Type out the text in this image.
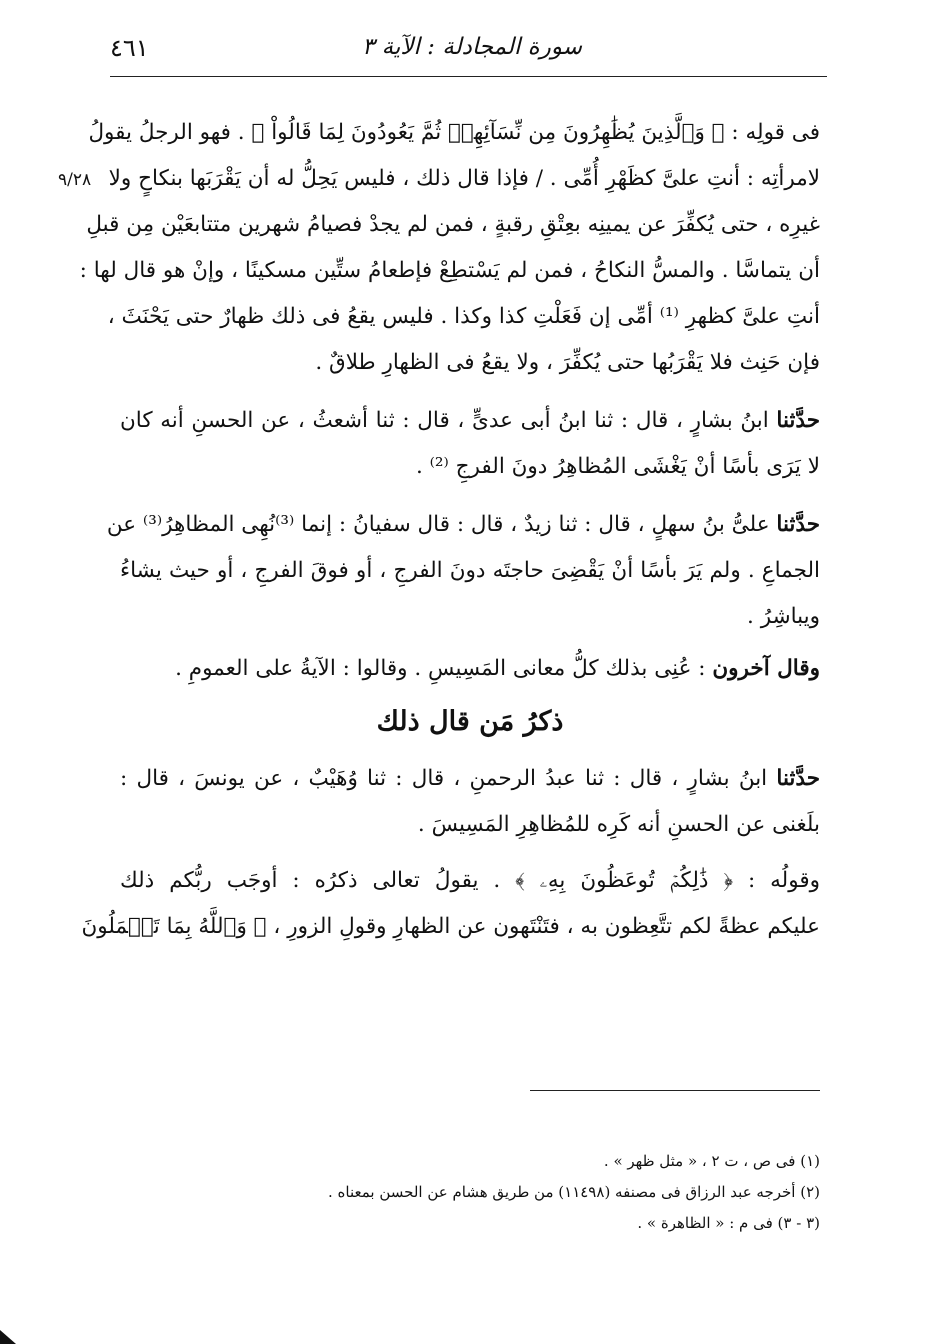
٤٦١	سورة المجادلة : الآية ٣
٩/٢٨
فى قولِه : ﴿ وَٱلَّذِينَ يُظَٰهِرُونَ مِن نِّسَآئِهِمۡ ثُمَّ يَعُودُونَ لِمَا قَالُواْ ﴾ . فهو الرجلُ يقولُ
لامرأتِه : أنتِ علىَّ كظَهْرِ أُمِّى . / فإذا قال ذلك ، فليس يَحِلُّ له أن يَقْرَبَها بنكاحٍ ولا
غيرِه ، حتى يُكفِّرَ عن يمينِه بعِتْقِ رقبةٍ ، فمن لم يجدْ فصيامُ شهرين متتابعَيْن مِن قبلِ
أن يتماسَّا . والمسُّ النكاحُ ، فمن لم يَسْتطِعْ فإطعامُ ستِّين مسكينًا ، وإنْ هو قال لها :
أنتِ علىَّ كظهرِ ⁽¹⁾ أمِّى إن فَعَلْتِ كذا وكذا . فليس يقعُ فى ذلك ظهارٌ حتى يَحْنَثَ ،
فإن حَنِث فلا يَقْرَبُها حتى يُكفِّرَ ، ولا يقعُ فى الظهارِ طلاقٌ .
حدَّثنا ابنُ بشارٍ ، قال : ثنا ابنُ أبى عدىٍّ ، قال : ثنا أشعثُ ، عن الحسنِ أنه كان
لا يَرَى بأسًا أنْ يَغْشَى المُظاهِرُ دونَ الفرجِ ⁽²⁾ .
حدَّثنا علىُّ بنُ سهلٍ ، قال : ثنا زيدٌ ، قال : قال سفيانُ : إنما ⁽³⁾نُهِى المظاهِرُ⁽³⁾ عن
الجماعِ . ولم يَرَ بأسًا أنْ يَقْضِىَ حاجتَه دونَ الفرجِ ، أو فوقَ الفرجِ ، أو حيث يشاءُ
ويباشِرُ .
وقال آخرون : عُنِى بذلك كلُّ معانى المَسِيسِ . وقالوا : الآيةُ على العمومِ .
ذكرُ مَن قال ذلك
حدَّثنا ابنُ بشارٍ ، قال : ثنا عبدُ الرحمنِ ، قال : ثنا وُهَيْبٌ ، عن يونسَ ، قال :
بلَغنى عن الحسنِ أنه كَرِه للمُظاهِرِ المَسِيسَ .
وقولُه : ﴿ ذَٰلِكُمۡ تُوعَظُونَ بِهِۦ ﴾ . يقولُ تعالى ذكرُه : أوجَب ربُّكم ذلك
عليكم عظةً لكم تتَّعِظون به ، فتَنْتَهون عن الظهارِ وقولِ الزورِ ، ﴿ وَٱللَّهُ بِمَا تَعۡمَلُونَ
(١) فى ص ، ت ٢ ، « مثل ظهر » .
(٢) أخرجه عبد الرزاق فى مصنفه (١١٤٩٨) من طريق هشام عن الحسن بمعناه .
(٣ - ٣) فى م : « الظاهرة » .
